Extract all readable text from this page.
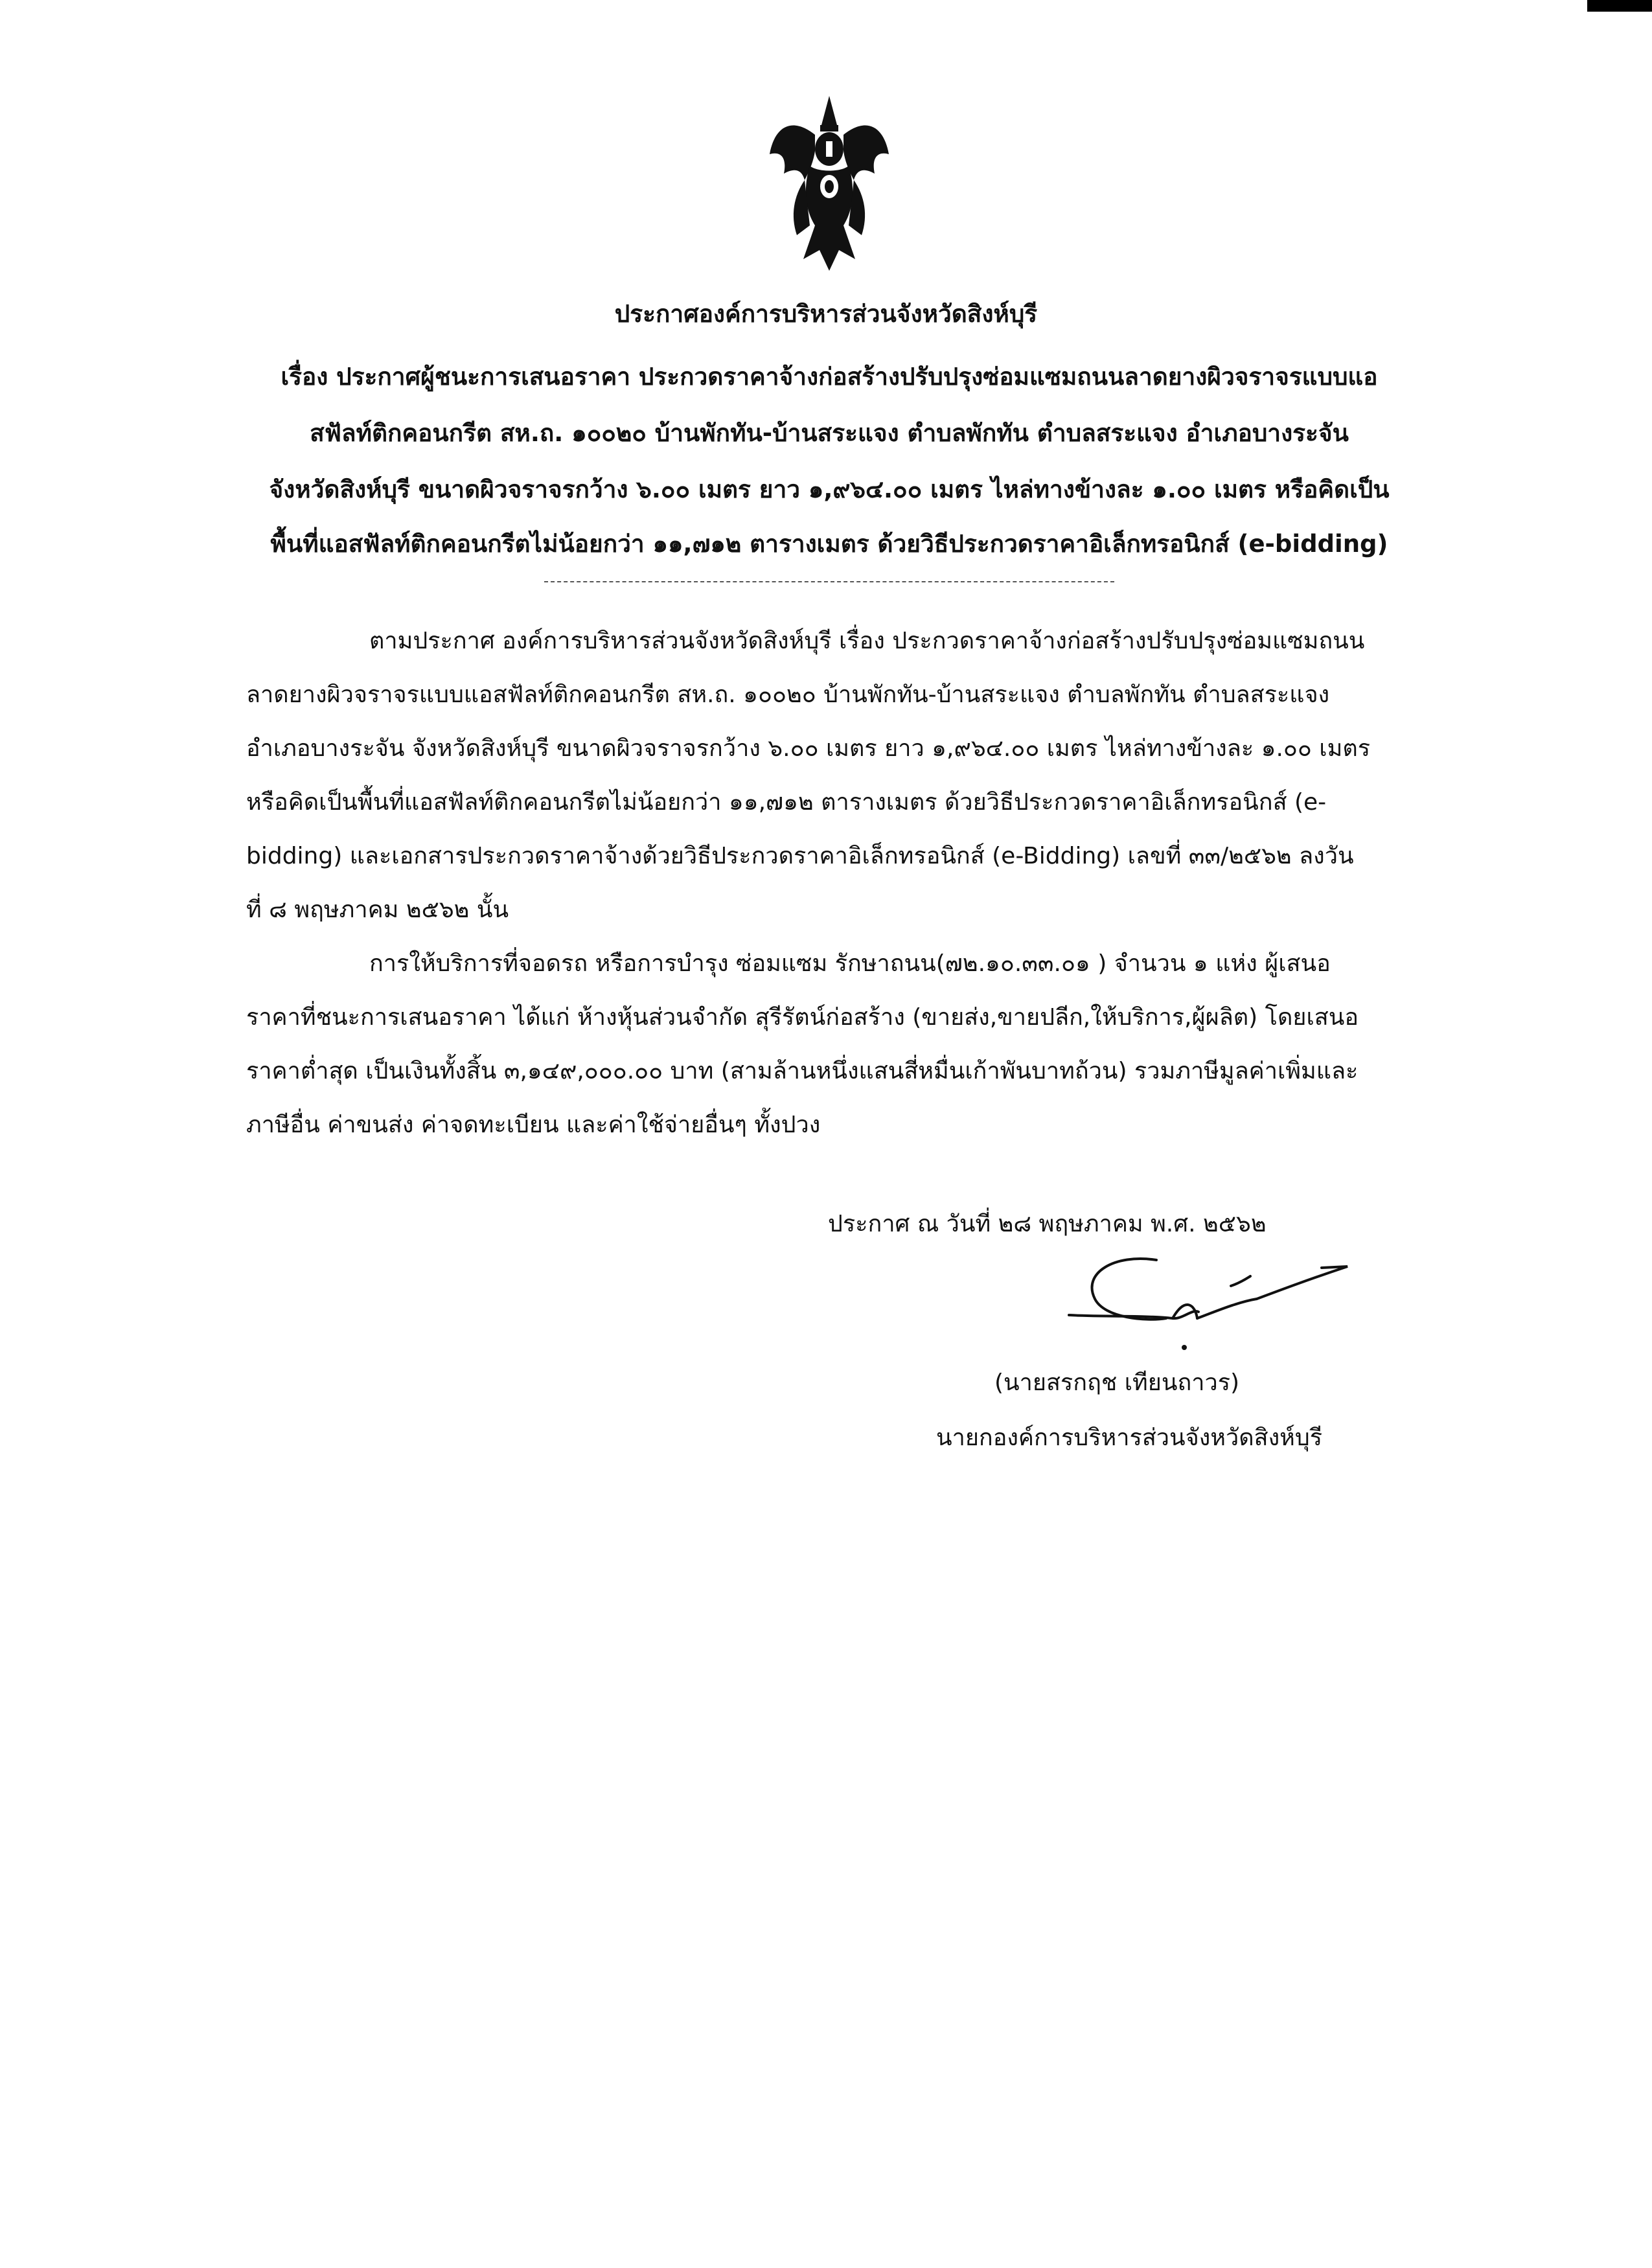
ประกาศองค์การบริหารส่วนจังหวัดสิงห์บุรี
เรื่อง ประกาศผู้ชนะการเสนอราคา ประกวดราคาจ้างก่อสร้างปรับปรุงซ่อมแซมถนนลาดยางผิวจราจรแบบแอ
สฟัลท์ติกคอนกรีต สห.ถ. ๑๐๐๒๐ บ้านพักทัน-บ้านสระแจง ตำบลพักทัน ตำบลสระแจง อำเภอบางระจัน
จังหวัดสิงห์บุรี ขนาดผิวจราจรกว้าง ๖.๐๐ เมตร ยาว ๑,๙๖๔.๐๐ เมตร ไหล่ทางข้างละ ๑.๐๐ เมตร หรือคิดเป็น
พื้นที่แอสฟัลท์ติกคอนกรีตไม่น้อยกว่า ๑๑,๗๑๒ ตารางเมตร ด้วยวิธีประกวดราคาอิเล็กทรอนิกส์ (e-bidding)
ตามประกาศ องค์การบริหารส่วนจังหวัดสิงห์บุรี เรื่อง ประกวดราคาจ้างก่อสร้างปรับปรุงซ่อมแซมถนน
ลาดยางผิวจราจรแบบแอสฟัลท์ติกคอนกรีต สห.ถ. ๑๐๐๒๐ บ้านพักทัน-บ้านสระแจง ตำบลพักทัน ตำบลสระแจง
อำเภอบางระจัน จังหวัดสิงห์บุรี ขนาดผิวจราจรกว้าง ๖.๐๐ เมตร ยาว ๑,๙๖๔.๐๐ เมตร ไหล่ทางข้างละ ๑.๐๐ เมตร
หรือคิดเป็นพื้นที่แอสฟัลท์ติกคอนกรีตไม่น้อยกว่า ๑๑,๗๑๒ ตารางเมตร ด้วยวิธีประกวดราคาอิเล็กทรอนิกส์ (e-
bidding) และเอกสารประกวดราคาจ้างด้วยวิธีประกวดราคาอิเล็กทรอนิกส์ (e-Bidding) เลขที่ ๓๓/๒๕๖๒ ลงวัน
ที่ ๘ พฤษภาคม ๒๕๖๒ นั้น
การให้บริการที่จอดรถ หรือการบำรุง ซ่อมแซม รักษาถนน(๗๒.๑๐.๓๓.๐๑ ) จำนวน ๑ แห่ง ผู้เสนอ
ราคาที่ชนะการเสนอราคา ได้แก่ ห้างหุ้นส่วนจำกัด สุรีรัตน์ก่อสร้าง (ขายส่ง,ขายปลีก,ให้บริการ,ผู้ผลิต) โดยเสนอ
ราคาต่ำสุด เป็นเงินทั้งสิ้น ๓,๑๔๙,๐๐๐.๐๐ บาท (สามล้านหนึ่งแสนสี่หมื่นเก้าพันบาทถ้วน) รวมภาษีมูลค่าเพิ่มและ
ภาษีอื่น ค่าขนส่ง ค่าจดทะเบียน และค่าใช้จ่ายอื่นๆ ทั้งปวง
ประกาศ ณ วันที่ ๒๘ พฤษภาคม พ.ศ. ๒๕๖๒
(นายสรกฤช เทียนถาวร)
นายกองค์การบริหารส่วนจังหวัดสิงห์บุรี
